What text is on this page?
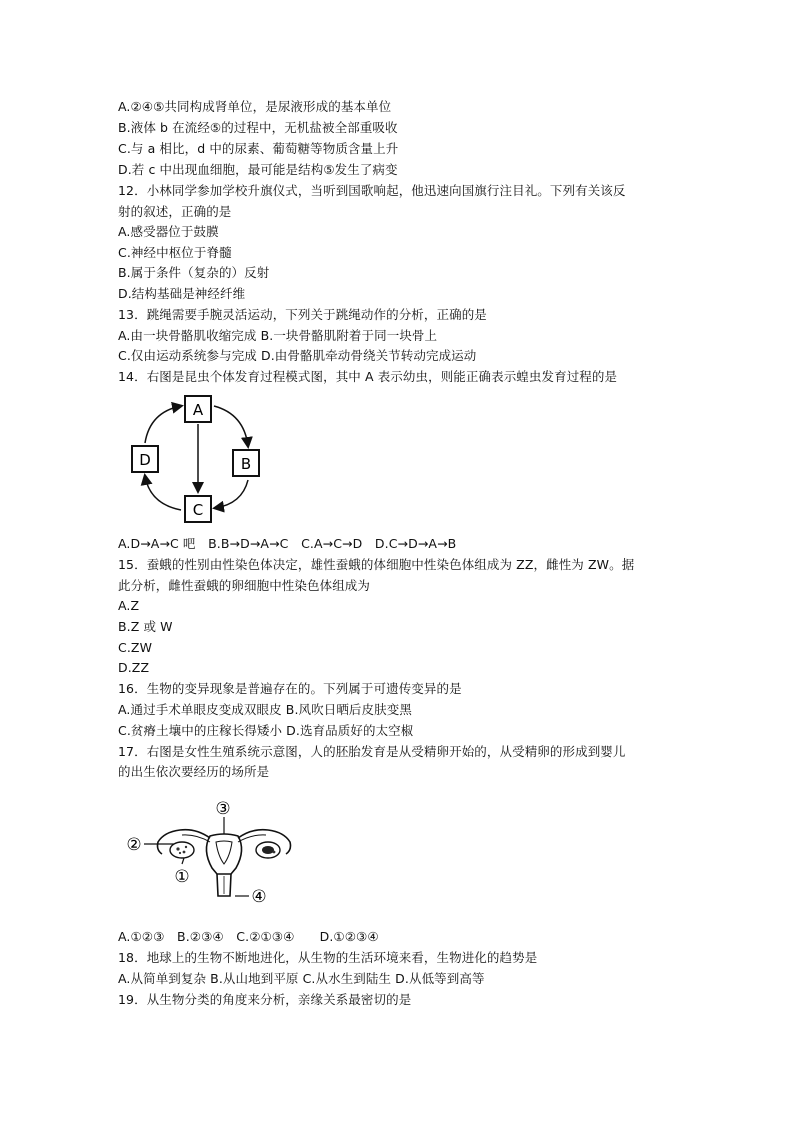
A.②④⑤共同构成肾单位，是尿液形成的基本单位
B.液体 b 在流经⑤的过程中，无机盐被全部重吸收
C.与 a 相比，d 中的尿素、葡萄糖等物质含量上升
D.若 c 中出现血细胞，最可能是结构⑤发生了病变
12．小林同学参加学校升旗仪式，当听到国歌响起，他迅速向国旗行注目礼。下列有关该反
射的叙述，正确的是
A.感受器位于鼓膜
C.神经中枢位于脊髓
B.属于条件（复杂的）反射
D.结构基础是神经纤维
13．跳绳需要手腕灵活运动，下列关于跳绳动作的分析，正确的是
A.由一块骨骼肌收缩完成 B.一块骨骼肌附着于同一块骨上
C.仅由运动系统参与完成 D.由骨骼肌牵动骨绕关节转动完成运动
14．右图是昆虫个体发育过程模式图，其中 A 表示幼虫，则能正确表示蝗虫发育过程的是
A
B
C
D
A.D→A→C 吧　B.B→D→A→C　C.A→C→D　D.C→D→A→B
15．蚕蛾的性别由性染色体决定，雄性蚕蛾的体细胞中性染色体组成为 ZZ，雌性为 ZW。据
此分析，雌性蚕蛾的卵细胞中性染色体组成为
A.Z
B.Z 或 W
C.ZW
D.ZZ
16．生物的变异现象是普遍存在的。下列属于可遗传变异的是
A.通过手术单眼皮变成双眼皮 B.风吹日晒后皮肤变黑
C.贫瘠土壤中的庄稼长得矮小 D.选育品质好的太空椒
17．右图是女性生殖系统示意图，人的胚胎发育是从受精卵开始的，从受精卵的形成到婴儿
的出生依次要经历的场所是
③
②
①
④
A.①②③　B.②③④　C.②①③④　　D.①②③④
18．地球上的生物不断地进化，从生物的生活环境来看，生物进化的趋势是
A.从简单到复杂 B.从山地到平原 C.从水生到陆生 D.从低等到高等
19．从生物分类的角度来分析，亲缘关系最密切的是
